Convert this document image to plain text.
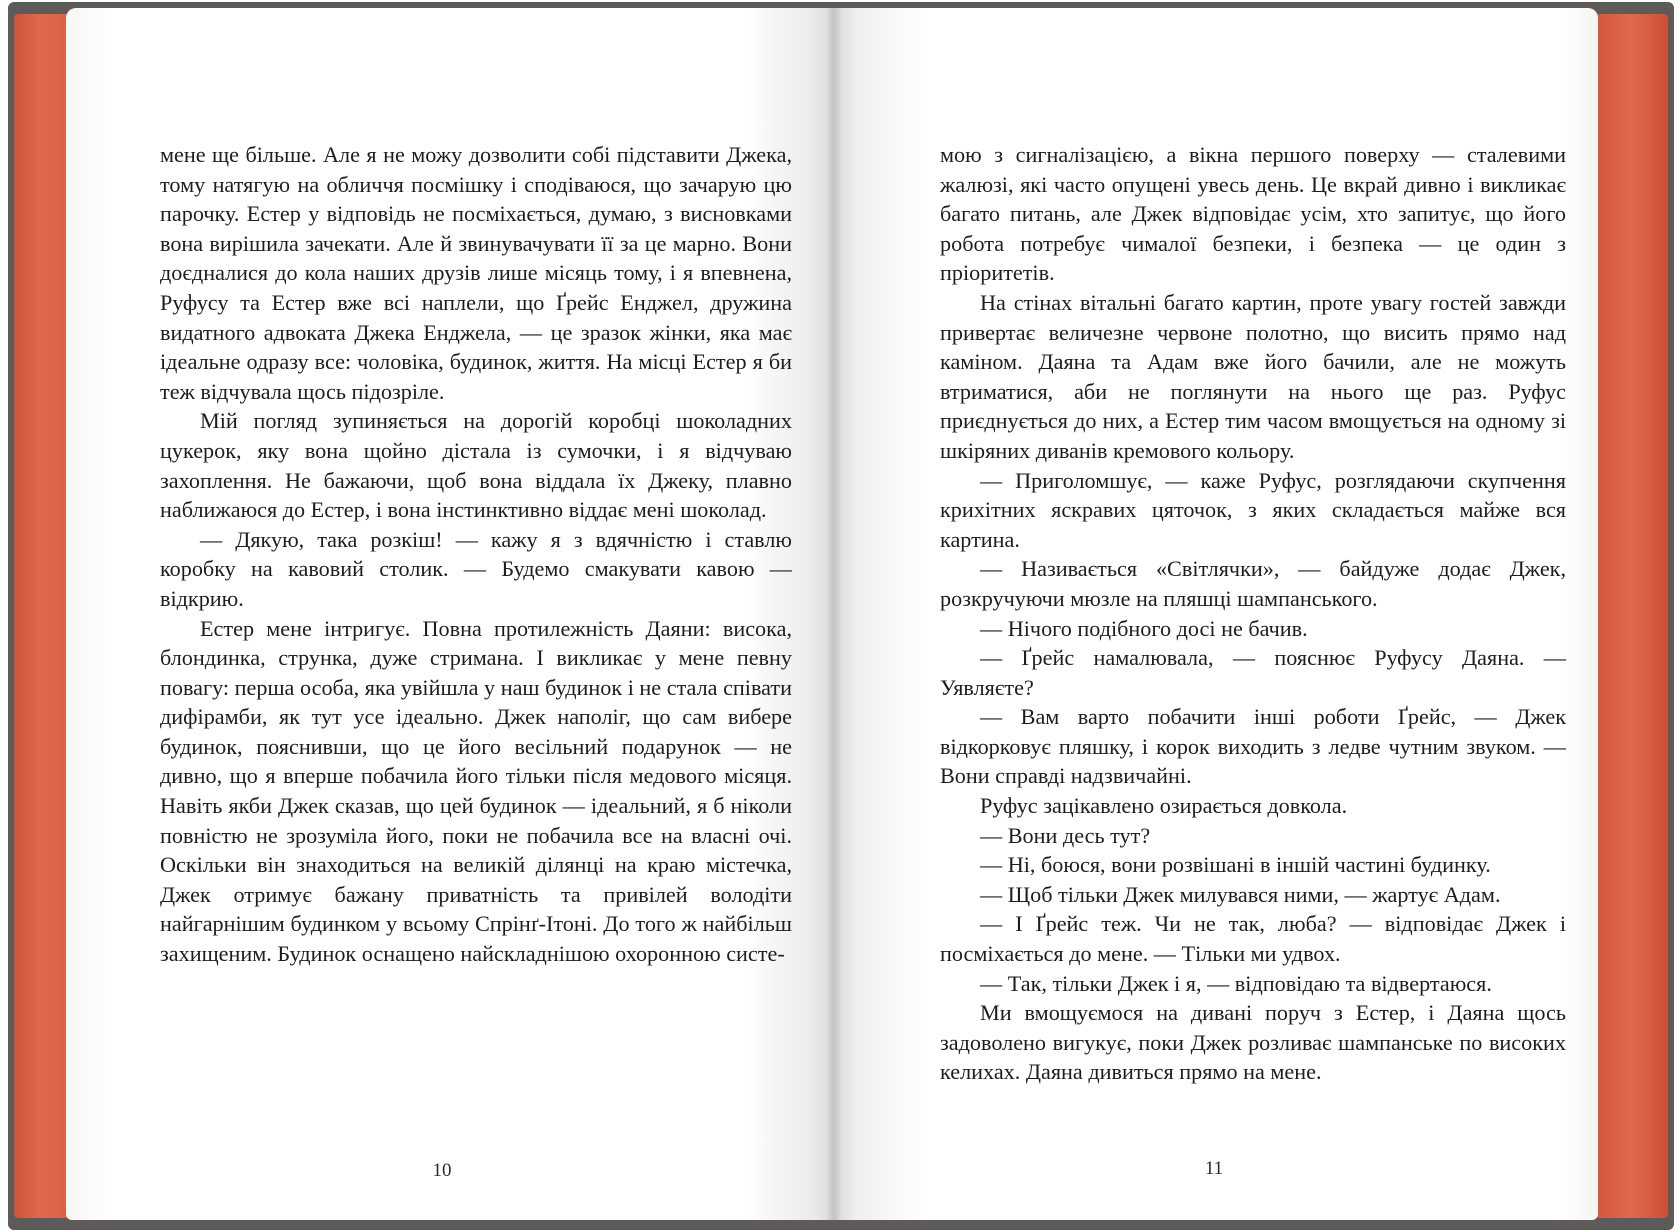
мене ще більше. Але я не можу дозволити собі підставити Джека, тому натягую на обличчя посмішку і сподіваюся, що зачарую цю парочку. Естер у відповідь не посміхається, думаю, з висновками вона вирішила зачекати. Але й звинувачувати її за це марно. Вони доєдналися до кола наших друзів лише місяць тому, і я впевнена, Руфусу та Естер вже всі наплели, що Ґрейс Енджел, дружина видатного адвоката Джека Енджела, — це зразок жінки, яка має ідеальне одразу все: чоловіка, будинок, життя. На місці Естер я би теж відчувала щось підозріле.

Мій погляд зупиняється на дорогій коробці шоколадних цукерок, яку вона щойно дістала із сумочки, і я відчуваю захоплення. Не бажаючи, щоб вона віддала їх Джеку, плавно наближаюся до Естер, і вона інстинктивно віддає мені шоколад.

— Дякую, така розкіш! — кажу я з вдячністю і ставлю коробку на кавовий столик. — Будемо смакувати кавою — відкрию.

Естер мене інтригує. Повна протилежність Даяни: висока, блондинка, струнка, дуже стримана. І викликає у мене певну повагу: перша особа, яка увійшла у наш будинок і не стала співати дифірамби, як тут усе ідеально. Джек наполіг, що сам вибере будинок, пояснивши, що це його весільний подарунок — не дивно, що я вперше побачила його тільки після медового місяця. Навіть якби Джек сказав, що цей будинок — ідеальний, я б ніколи повністю не зрозуміла його, поки не побачила все на власні очі. Оскільки він знаходиться на великій ділянці на краю містечка, Джек отримує бажану приватність та привілей володіти найгарнішим будинком у всьому Спрінґ-Ітоні. До того ж найбільш захищеним. Будинок оснащено найскладнішою охоронною систе-

10

мою з сигналізацією, а вікна першого поверху — сталевими жалюзі, які часто опущені увесь день. Це вкрай дивно і викликає багато питань, але Джек відповідає усім, хто запитує, що його робота потребує чималої безпеки, і безпека — це один з пріоритетів.

На стінах вітальні багато картин, проте увагу гостей завжди привертає величезне червоне полотно, що висить прямо над каміном. Даяна та Адам вже його бачили, але не можуть втриматися, аби не поглянути на нього ще раз. Руфус приєднується до них, а Естер тим часом вмощується на одному зі шкіряних диванів кремового кольору.

— Приголомшує, — каже Руфус, розглядаючи скупчення крихітних яскравих цяточок, з яких складається майже вся картина.

— Називається «Світлячки», — байдуже додає Джек, розкручуючи мюзле на пляшці шампанського.

— Нічого подібного досі не бачив.

— Ґрейс намалювала, — пояснює Руфусу Даяна. — Уявляєте?

— Вам варто побачити інші роботи Ґрейс, — Джек відкорковує пляшку, і корок виходить з ледве чутним звуком. — Вони справді надзвичайні.

Руфус зацікавлено озирається довкола.

— Вони десь тут?

— Ні, боюся, вони розвішані в іншій частині будинку.

— Щоб тільки Джек милувався ними, — жартує Адам.

— І Ґрейс теж. Чи не так, люба? — відповідає Джек і посміхається до мене. — Тільки ми удвох.

— Так, тільки Джек і я, — відповідаю та відвертаюся.

Ми вмощуємося на дивані поруч з Естер, і Даяна щось задоволено вигукує, поки Джек розливає шампанське по високих келихах. Даяна дивиться прямо на мене.

11
